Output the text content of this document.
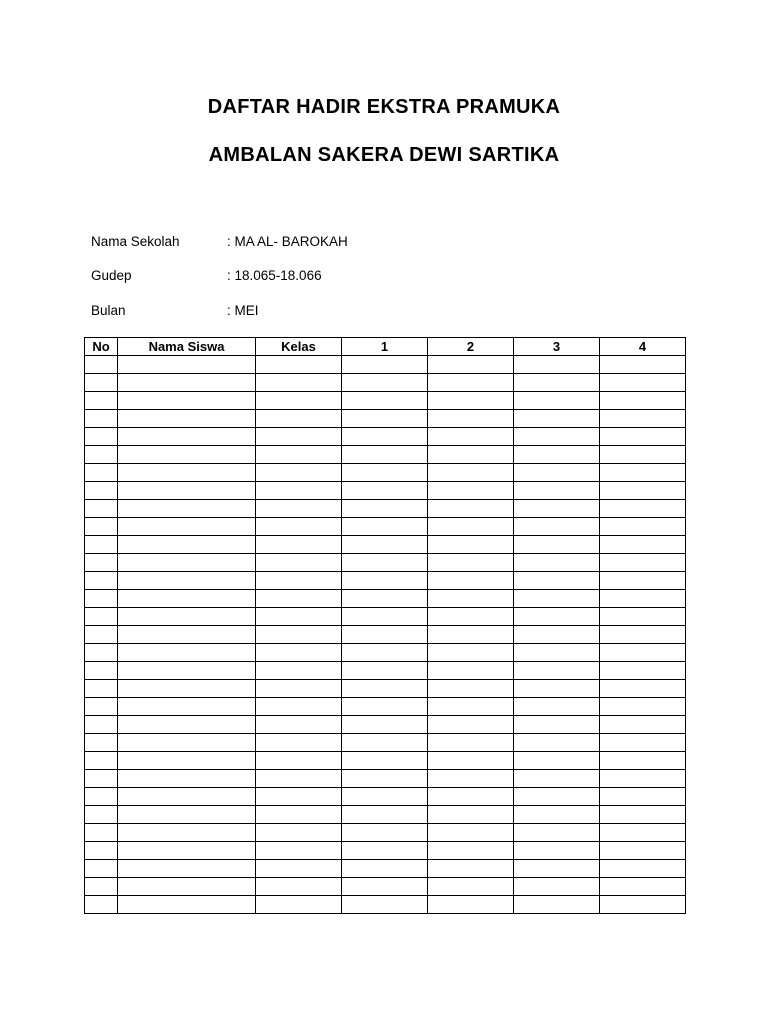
DAFTAR HADIR EKSTRA PRAMUKA
AMBALAN SAKERA DEWI SARTIKA
Nama Sekolah	: MA AL- BAROKAH
Gudep	: 18.065-18.066
Bulan	: MEI
No	Nama Siswa	Kelas	1	2	3	4
